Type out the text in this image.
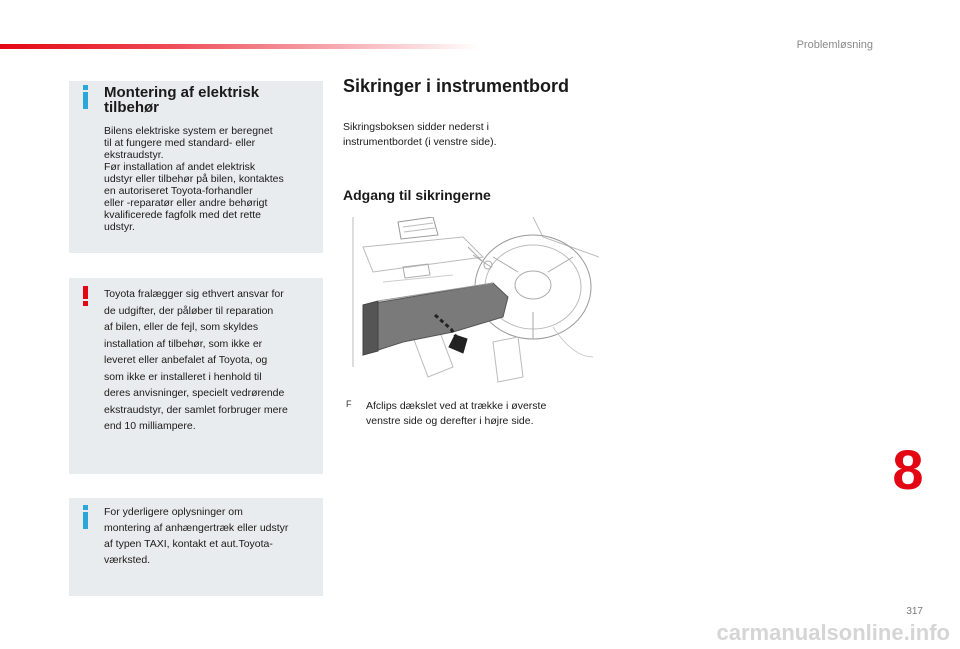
Problemløsning
Montering af elektrisk
tilbehør
Bilens elektriske system er beregnet
til at fungere med standard- eller
ekstraudstyr.
Før installation af andet elektrisk
udstyr eller tilbehør på bilen, kontaktes
en autoriseret Toyota-forhandler
eller -reparatør eller andre behørigt
kvalificerede fagfolk med det rette
udstyr.
Toyota fralægger sig ethvert ansvar for
de udgifter, der påløber til reparation
af bilen, eller de fejl, som skyldes
installation af tilbehør, som ikke er
leveret eller anbefalet af Toyota, og
som ikke er installeret i henhold til
deres anvisninger, specielt vedrørende
ekstraudstyr, der samlet forbruger mere
end 10 milliampere.
For yderligere oplysninger om
montering af anhængertræk eller udstyr
af typen TAXI, kontakt et aut.Toyota-
værksted.
Sikringer i instrumentbord
Sikringsboksen sidder nederst i
instrumentbordet (i venstre side).
Adgang til sikringerne
F Afclips dækslet ved at trække i øverste
venstre side og derefter i højre side.
8
317
carmanualsonline.info
